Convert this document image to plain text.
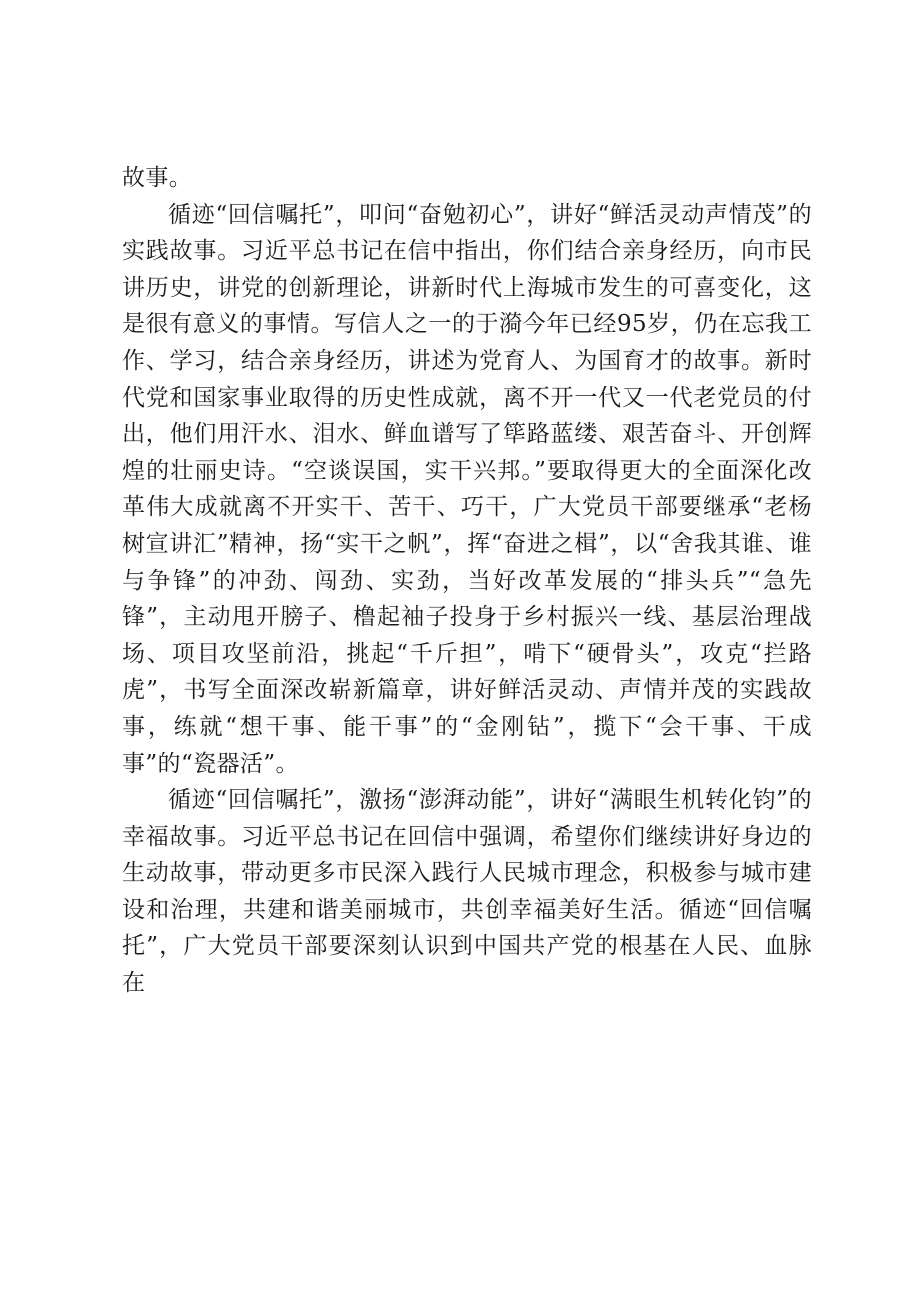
故事。

循迹“回信嘱托”，叩问“奋勉初心”，讲好“鲜活灵动声情茂”的实践故事。习近平总书记在信中指出，你们结合亲身经历，向市民讲历史，讲党的创新理论，讲新时代上海城市发生的可喜变化，这是很有意义的事情。写信人之一的于漪今年已经95岁，仍在忘我工作、学习，结合亲身经历，讲述为党育人、为国育才的故事。新时代党和国家事业取得的历史性成就，离不开一代又一代老党员的付出，他们用汗水、泪水、鲜血谱写了筚路蓝缕、艰苦奋斗、开创辉煌的壮丽史诗。“空谈误国，实干兴邦。”要取得更大的全面深化改革伟大成就离不开实干、苦干、巧干，广大党员干部要继承“老杨树宣讲汇”精神，扬“实干之帆”，挥“奋进之楫”，以“舍我其谁、谁与争锋”的冲劲、闯劲、实劲，当好改革发展的“排头兵”“急先锋”，主动甩开膀子、橹起袖子投身于乡村振兴一线、基层治理战场、项目攻坚前沿，挑起“千斤担”，啃下“硬骨头”，攻克“拦路虎”，书写全面深改崭新篇章，讲好鲜活灵动、声情并茂的实践故事，练就“想干事、能干事”的“金刚钻”，揽下“会干事、干成事”的“瓷器活”。

循迹“回信嘱托”，激扬“澎湃动能”，讲好“满眼生机转化钧”的幸福故事。习近平总书记在回信中强调，希望你们继续讲好身边的生动故事，带动更多市民深入践行人民城市理念，积极参与城市建设和治理，共建和谐美丽城市，共创幸福美好生活。循迹“回信嘱托”，广大党员干部要深刻认识到中国共产党的根基在人民、血脉在
